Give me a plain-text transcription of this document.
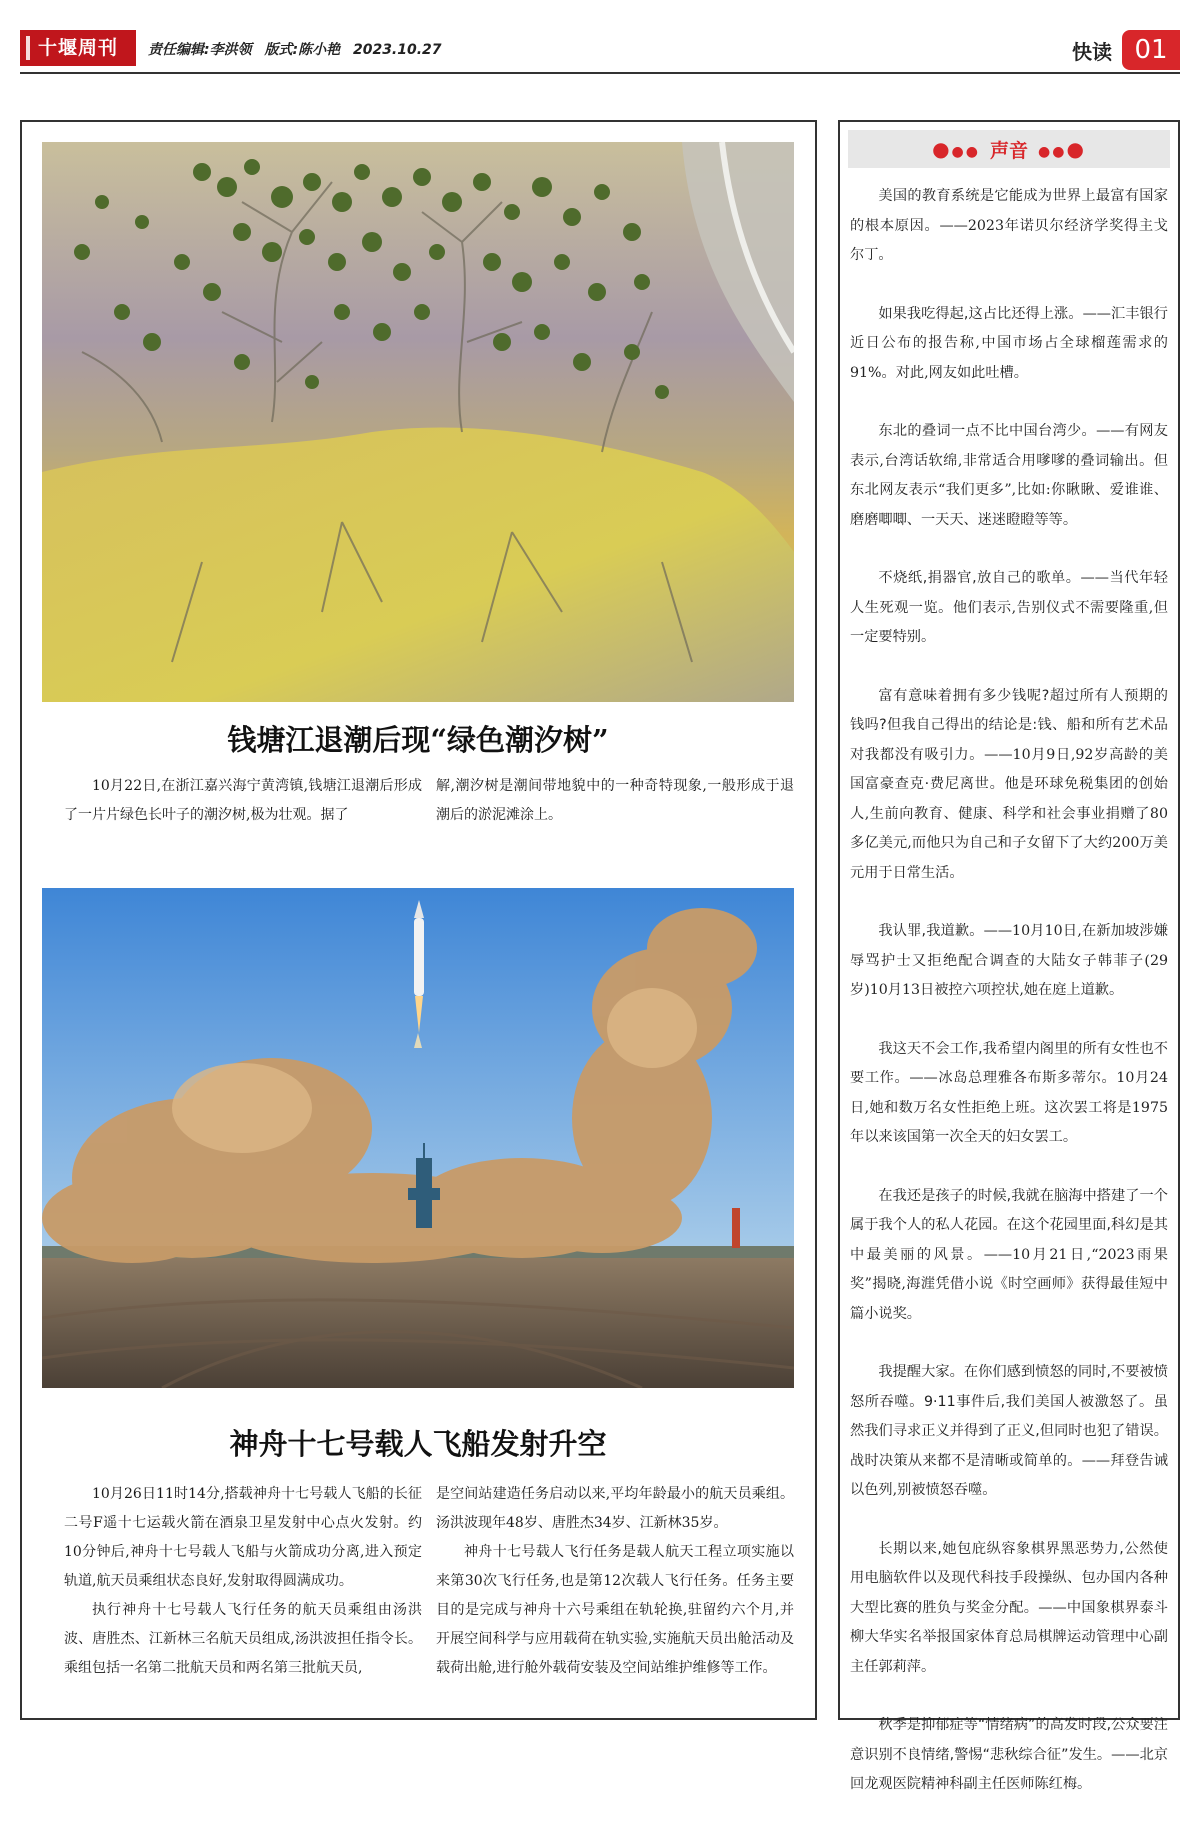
十堰周刊	责任编辑:李洪领 版式:陈小艳 2023.10.27	快读 01
钱塘江退潮后现“绿色潮汐树”

10月22日,在浙江嘉兴海宁黄湾镇,钱塘江退潮后形成了一片片绿色长叶子的潮汐树,极为壮观。据了

解,潮汐树是潮间带地貌中的一种奇特现象,一般形成于退潮后的淤泥滩涂上。

神舟十七号载人飞船发射升空

10月26日11时14分,搭载神舟十七号载人飞船的长征二号F遥十七运载火箭在酒泉卫星发射中心点火发射。约10分钟后,神舟十七号载人飞船与火箭成功分离,进入预定轨道,航天员乘组状态良好,发射取得圆满成功。

执行神舟十七号载人飞行任务的航天员乘组由汤洪波、唐胜杰、江新林三名航天员组成,汤洪波担任指令长。乘组包括一名第二批航天员和两名第三批航天员,

是空间站建造任务启动以来,平均年龄最小的航天员乘组。汤洪波现年48岁、唐胜杰34岁、江新林35岁。

神舟十七号载人飞行任务是载人航天工程立项实施以来第30次飞行任务,也是第12次载人飞行任务。任务主要目的是完成与神舟十六号乘组在轨轮换,驻留约六个月,并开展空间科学与应用载荷在轨实验,实施航天员出舱活动及载荷出舱,进行舱外载荷安装及空间站维护维修等工作。

●●● 声音 ●●●

美国的教育系统是它能成为世界上最富有国家的根本原因。——2023年诺贝尔经济学奖得主戈尔丁。

如果我吃得起,这占比还得上涨。——汇丰银行近日公布的报告称,中国市场占全球榴莲需求的91%。对此,网友如此吐槽。

东北的叠词一点不比中国台湾少。——有网友表示,台湾话软绵,非常适合用嗲嗲的叠词输出。但东北网友表示“我们更多”,比如:你瞅瞅、爱谁谁、磨磨唧唧、一天天、迷迷瞪瞪等等。

不烧纸,捐器官,放自己的歌单。——当代年轻人生死观一览。他们表示,告别仪式不需要隆重,但一定要特别。

富有意味着拥有多少钱呢?超过所有人预期的钱吗?但我自己得出的结论是:钱、船和所有艺术品对我都没有吸引力。——10月9日,92岁高龄的美国富豪查克·费尼离世。他是环球免税集团的创始人,生前向教育、健康、科学和社会事业捐赠了80多亿美元,而他只为自己和子女留下了大约200万美元用于日常生活。

我认罪,我道歉。——10月10日,在新加坡涉嫌辱骂护士又拒绝配合调查的大陆女子韩菲子(29岁)10月13日被控六项控状,她在庭上道歉。

我这天不会工作,我希望内阁里的所有女性也不要工作。——冰岛总理雅各布斯多蒂尔。10月24日,她和数万名女性拒绝上班。这次罢工将是1975年以来该国第一次全天的妇女罢工。

在我还是孩子的时候,我就在脑海中搭建了一个属于我个人的私人花园。在这个花园里面,科幻是其中最美丽的风景。——10月21日,“2023雨果奖”揭晓,海漄凭借小说《时空画师》获得最佳短中篇小说奖。

我提醒大家。在你们感到愤怒的同时,不要被愤怒所吞噬。9·11事件后,我们美国人被激怒了。虽然我们寻求正义并得到了正义,但同时也犯了错误。战时决策从来都不是清晰或简单的。——拜登告诫以色列,别被愤怒吞噬。

长期以来,她包庇纵容象棋界黑恶势力,公然使用电脑软件以及现代科技手段操纵、包办国内各种大型比赛的胜负与奖金分配。——中国象棋界泰斗柳大华实名举报国家体育总局棋牌运动管理中心副主任郭莉萍。

秋季是抑郁症等“情绪病”的高发时段,公众要注意识别不良情绪,警惕“悲秋综合征”发生。——北京回龙观医院精神科副主任医师陈红梅。
